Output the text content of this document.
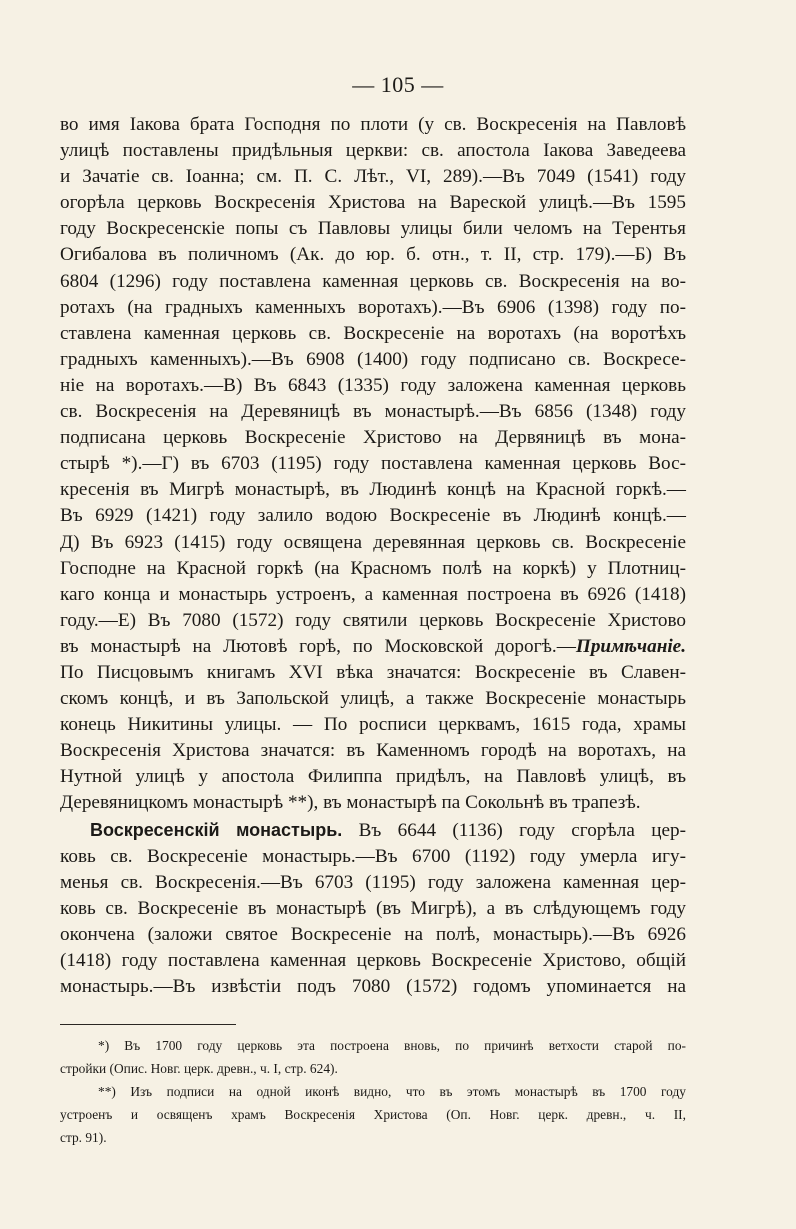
— 105 —
во имя Іакова брата Господня по плоти (у св. Воскресенія на Павловѣ
улицѣ поставлены придѣльныя церкви: св. апостола Іакова Заведеева
и Зачатіе св. Іоанна; см. П. С. Лѣт., VI, 289).—Въ 7049 (1541) году
огорѣла церковь Воскресенія Христова на Вареской улицѣ.—Въ 1595
году Воскресенскіе попы съ Павловы улицы били челомъ на Терентья
Огибалова въ поличномъ (Ак. до юр. б. отн., т. II, стр. 179).—Б) Въ
6804 (1296) году поставлена каменная церковь св. Воскресенія на во-
ротахъ (на градныхъ каменныхъ воротахъ).—Въ 6906 (1398) году по-
ставлена каменная церковь св. Воскресеніе на воротахъ (на воротѣхъ
градныхъ каменныхъ).—Въ 6908 (1400) году подписано св. Воскресе-
ніе на воротахъ.—В) Въ 6843 (1335) году заложена каменная церковь
св. Воскресенія на Деревяницѣ въ монастырѣ.—Въ 6856 (1348) году
подписана церковь Воскресеніе Христово на Дервяницѣ въ мона-
стырѣ *).—Г) въ 6703 (1195) году поставлена каменная церковь Вос-
кресенія въ Мигрѣ монастырѣ, въ Людинѣ концѣ на Красной горкѣ.—
Въ 6929 (1421) году залило водою Воскресеніе въ Людинѣ концѣ.—
Д) Въ 6923 (1415) году освящена деревянная церковь св. Воскресеніе
Господне на Красной горкѣ (на Красномъ полѣ на коркѣ) у Плотниц-
каго конца и монастырь устроенъ, а каменная построена въ 6926 (1418)
году.—Е) Въ 7080 (1572) году святили церковь Воскресеніе Христово
въ монастырѣ на Лютовѣ горѣ, по Московской дорогѣ.—Примѣчаніе.
По Писцовымъ книгамъ XVI вѣка значатся: Воскресеніе въ Славен-
скомъ концѣ, и въ Запольской улицѣ, а также Воскресеніе монастырь
конець Никитины улицы. — По росписи церквамъ, 1615 года, храмы
Воскресенія Христова значатся: въ Каменномъ городѣ на воротахъ, на
Нутной улицѣ у апостола Филиппа придѣлъ, на Павловѣ улицѣ, въ
Деревяницкомъ монастырѣ **), въ монастырѣ па Сокольнѣ въ трапезѣ.
Воскресенскій монастырь. Въ 6644 (1136) году сгорѣла цер-
ковь св. Воскресеніе монастырь.—Въ 6700 (1192) году умерла игу-
менья св. Воскресенія.—Въ 6703 (1195) году заложена каменная цер-
ковь св. Воскресеніе въ монастырѣ (въ Мигрѣ), а въ слѣдующемъ году
окончена (заложи святое Воскресеніе на полѣ, монастырь).—Въ 6926
(1418) году поставлена каменная церковь Воскресеніе Христово, общій
монастырь.—Въ извѣстіи подъ 7080 (1572) годомъ упоминается на
*) Въ 1700 году церковь эта построена вновь, по причинѣ ветхости старой по-
стройки (Опис. Новг. церк. древн., ч. I, стр. 624).
**) Изъ подписи на одной иконѣ видно, что въ этомъ монастырѣ въ 1700 году
устроенъ и освященъ храмъ Воскресенія Христова (Оп. Новг. церк. древн., ч. II,
стр. 91).
